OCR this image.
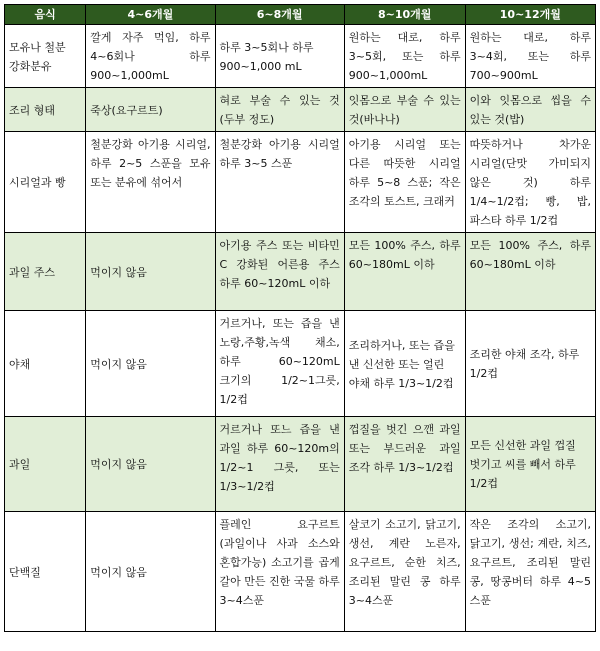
음식	4~6개월	6~8개월	8~10개월	10~12개월
모유나 철분 강화분유	깔게 자주 먹임, 하루 4~6회나 하루 900~1,000mL	하루 3~5회나 하루 900~1,000 mL	원하는 대로, 하루 3~5회, 또는 하루 900~1,000mL	원하는 대로, 하루 3~4회, 또는 하루 700~900mL
조리 형태	죽상(요구르트)	혀로 부술 수 있는 것(두부 정도)	잇몸으로 부술 수 있는 것(바나나)	이와 잇몸으로 씹을 수 있는 것(밥)
시리얼과 빵	철분강화 아기용 시리얼, 하루 2~5 스푼을 모유 또는 분유에 섞어서	철분강화 아기용 시리얼 하루 3~5 스푼	아기용 시리얼 또는 다른 따뜻한 시리얼 하루 5~8 스푼; 작은 조각의 토스트, 크래커	따뜻하거나 차가운 시리얼(단맛 가미되지 않은 것) 하루 1/4~1/2컵; 빵, 밥, 파스타 하루 1/2컵
과일 주스	먹이지 않음	아기용 주스 또는 비타민 C 강화된 어른용 주스 하루 60~120mL 이하	모든 100% 주스, 하루 60~180mL 이하	모든 100% 주스, 하루 60~180mL 이하
야채	먹이지 않음	거르거나, 또는 즙을 낸 노랑,주황,녹색 채소, 하루 60~120mL 크기의 1/2~1그릇, 1/2컵	조리하거나, 또는 즙을 낸 신선한 또는 얼린 야채 하루 1/3~1/2컵	조리한 야채 조각, 하루 1/2컵
과일	먹이지 않음	거르거나 또느 즙을 낸 과일 하루 60~120m의 1/2~1 그릇, 또는 1/3~1/2컵	껍질을 벗긴 으깬 과일 또는 부드러운 과일 조각 하루 1/3~1/2컵	모든 신선한 과일 껍질 벗기고 씨를 빼서 하루 1/2컵
단백질	먹이지 않음	플레인 요구르트 (과일이나 사과 소스와 혼합가능) 소고기를 곱게 갈아 만든 진한 국물 하루 3~4스푼	살코기 소고기, 닭고기, 생선, 계란 노른자, 요구르트, 순한 치즈, 조리된 말린 콩 하루 3~4스푼	작은 조각의 소고기, 닭고기, 생선; 계란, 치즈, 요구르트, 조리된 말린 콩, 땅콩버터 하루 4~5 스푼
